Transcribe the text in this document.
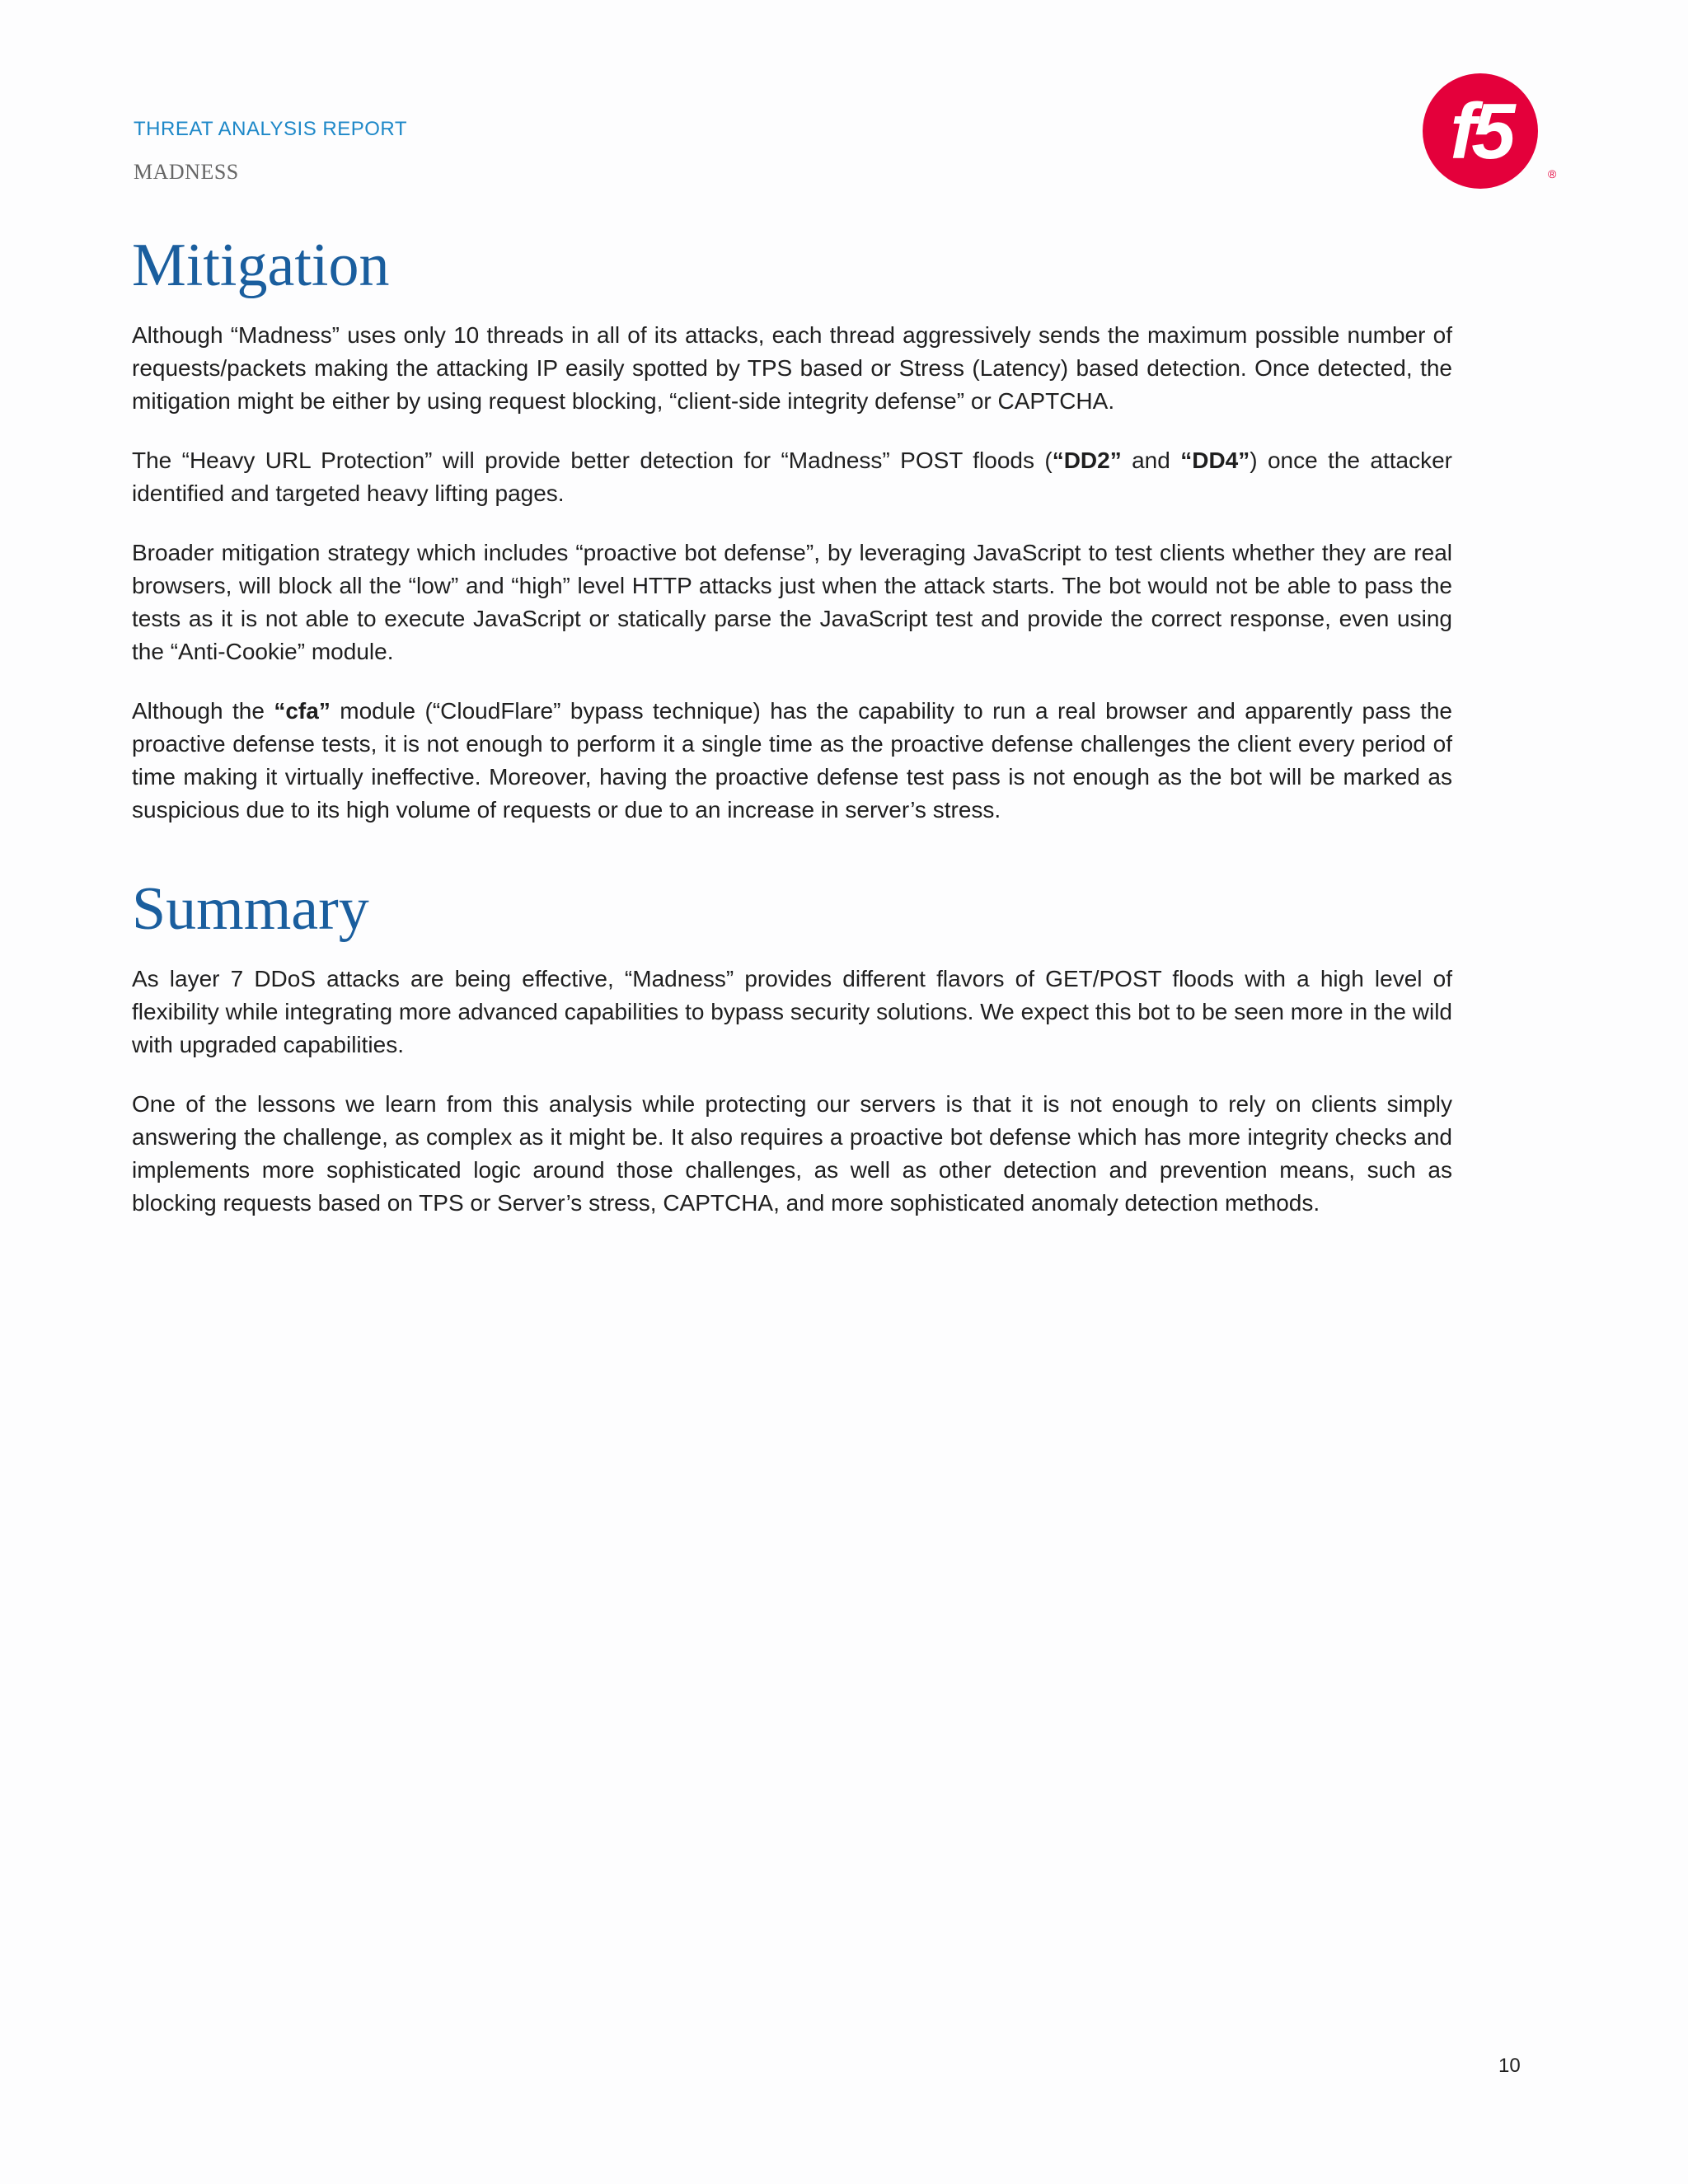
THREAT ANALYSIS REPORT
MADNESS	f5	®
Mitigation

Although “Madness” uses only 10 threads in all of its attacks, each thread aggressively sends the maximum possible number of requests/packets making the attacking IP easily spotted by TPS based or Stress (Latency) based detection. Once detected, the mitigation might be either by using request blocking, “client-side integrity defense” or CAPTCHA.

The “Heavy URL Protection” will provide better detection for “Madness” POST floods (“DD2” and “DD4”) once the attacker identified and targeted heavy lifting pages.

Broader mitigation strategy which includes “proactive bot defense”, by leveraging JavaScript to test clients whether they are real browsers, will block all the “low” and “high” level HTTP attacks just when the attack starts. The bot would not be able to pass the tests as it is not able to execute JavaScript or statically parse the JavaScript test and provide the correct response, even using the “Anti-Cookie” module.

Although the “cfa” module (“CloudFlare” bypass technique) has the capability to run a real browser and apparently pass the proactive defense tests, it is not enough to perform it a single time as the proactive defense challenges the client every period of time making it virtually ineffective. Moreover, having the proactive defense test pass is not enough as the bot will be marked as suspicious due to its high volume of requests or due to an increase in server’s stress.

Summary

As layer 7 DDoS attacks are being effective, “Madness” provides different flavors of GET/POST floods with a high level of flexibility while integrating more advanced capabilities to bypass security solutions. We expect this bot to be seen more in the wild with upgraded capabilities.

One of the lessons we learn from this analysis while protecting our servers is that it is not enough to rely on clients simply answering the challenge, as complex as it might be. It also requires a proactive bot defense which has more integrity checks and implements more sophisticated logic around those challenges, as well as other detection and prevention means, such as blocking requests based on TPS or Server’s stress, CAPTCHA, and more sophisticated anomaly detection methods.

10
